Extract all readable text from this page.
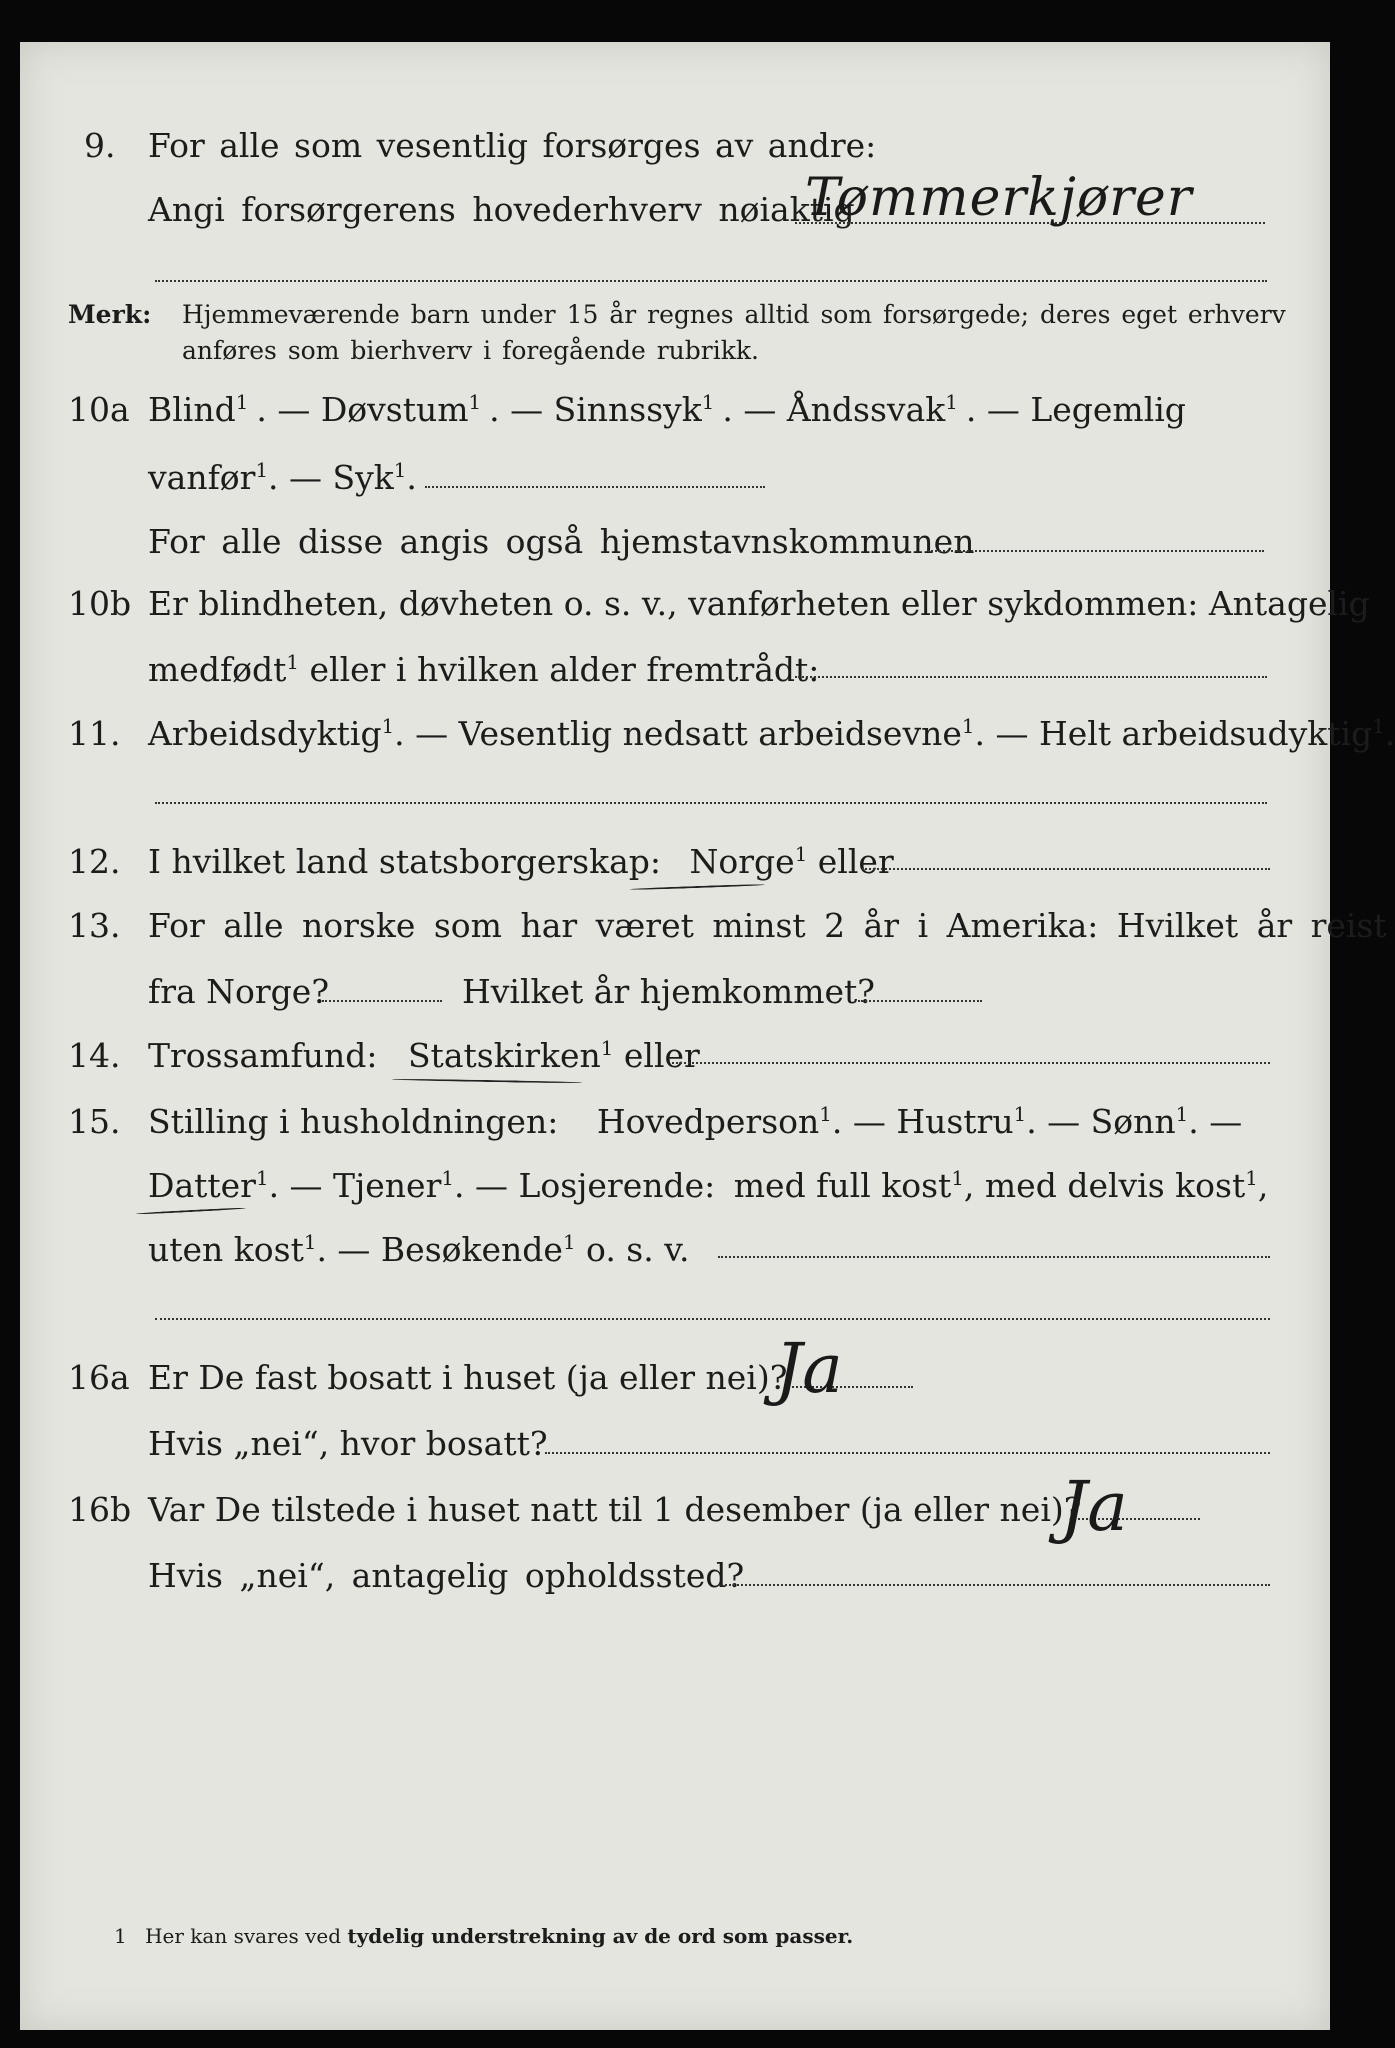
9. For alle som vesentlig forsørges av andre:
Angi forsørgerens hovederhverv nøiaktig
Tømmerkjører
Merk: Hjemmeværende barn under 15 år regnes alltid som forsørgede; deres eget erhverv
anføres som bierhverv i foregående rubrikk.
10a Blind$^1$ . — Døvstum$^1$ . — Sinnssyk$^1$ . — Åndssvak$^1$ . — Legemlig
vanfør$^1$. — Syk$^1$.
For alle disse angis også hjemstavnskommunen
10b Er blindheten, døvheten o. s. v., vanførheten eller sykdommen: Antagelig
medfødt$^1$ eller i hvilken alder fremtrådt:
11. Arbeidsdyktig$^1$. — Vesentlig nedsatt arbeidsevne$^1$. — Helt arbeidsudyktig$^1$.
12. I hvilket land statsborgerskap: Norge$^1$ eller
13. For alle norske som har været minst 2 år i Amerika: Hvilket år reist
fra Norge?	Hvilket år hjemkommet?
14. Trossamfund: Statskirken$^1$ eller
15. Stilling i husholdningen: Hovedperson$^1$. — Hustru$^1$. — Sønn$^1$. —
Datter$^1$. — Tjener$^1$. — Losjerende: med full kost$^1$, med delvis kost$^1$,
uten kost$^1$. — Besøkende$^1$ o. s. v.
16a Er De fast bosatt i huset (ja eller nei)?
Ja
Hvis „nei“, hvor bosatt?
16b Var De tilstede i huset natt til 1 desember (ja eller nei)?
Ja
Hvis „nei“, antagelig opholdssted?
1 Her kan svares ved tydelig understrekning av de ord som passer.
